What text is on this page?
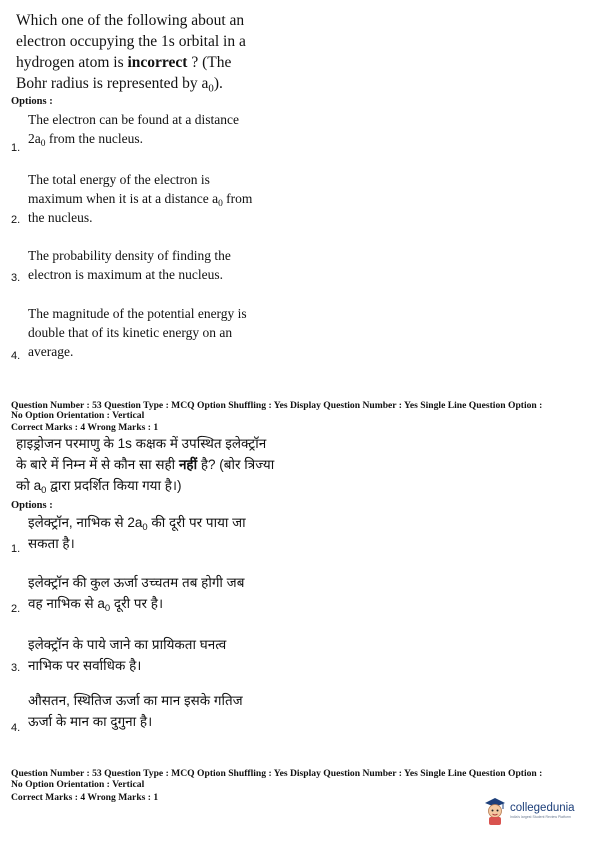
Which one of the following about an electron occupying the 1s orbital in a hydrogen atom is incorrect ? (The Bohr radius is represented by $a_0$).
Options :
The electron can be found at a distance $2a_0$ from the nucleus.
1.
The total energy of the electron is maximum when it is at a distance $a_0$ from the nucleus.
2.
The probability density of finding the electron is maximum at the nucleus.
3.
The magnitude of the potential energy is double that of its kinetic energy on an average.
4.
Question Number : 53 Question Type : MCQ Option Shuffling : Yes Display Question Number : Yes Single Line Question Option :
No Option Orientation : Vertical
Correct Marks : 4 Wrong Marks : 1
हाइड्रोजन परमाणु के 1s कक्षक में उपस्थित इलेक्ट्रॉन के बारे में निम्न में से कौन सा सही नहीं है? (बोर त्रिज्या को $a_0$ द्वारा प्रदर्शित किया गया है।)
Options :
इलेक्ट्रॉन, नाभिक से $2a_0$ की दूरी पर पाया जा सकता है।
1.
इलेक्ट्रॉन की कुल ऊर्जा उच्चतम तब होगी जब वह नाभिक से $a_0$ दूरी पर है।
2.
इलेक्ट्रॉन के पाये जाने का प्रायिकता घनत्व नाभिक पर सर्वाधिक है।
3.
औसतन, स्थितिज ऊर्जा का मान इसके गतिज ऊर्जा के मान का दुगुना है।
4.
Question Number : 53 Question Type : MCQ Option Shuffling : Yes Display Question Number : Yes Single Line Question Option :
No Option Orientation : Vertical
Correct Marks : 4 Wrong Marks : 1
collegedunia
India's largest Student Review Platform
